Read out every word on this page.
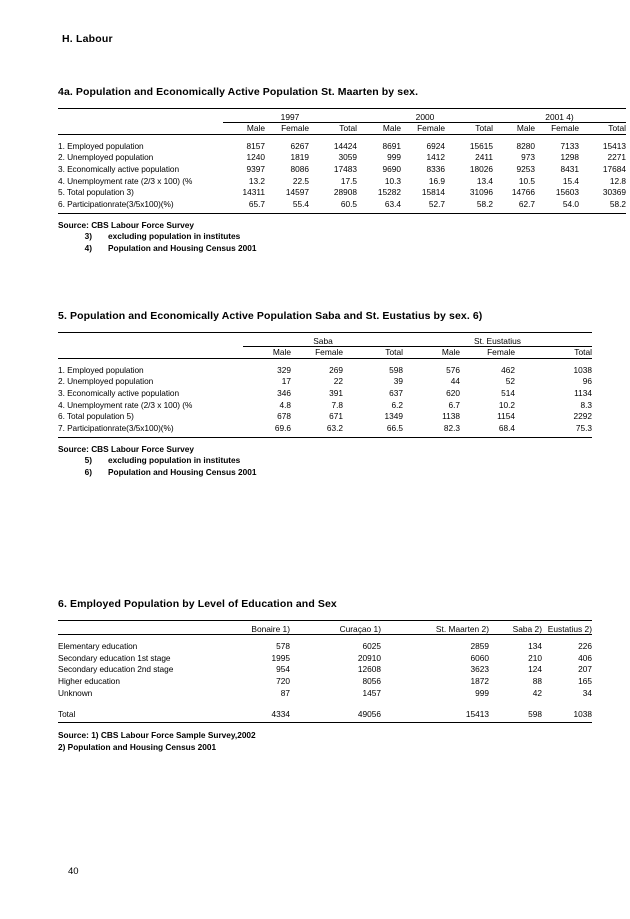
H. Labour
4a. Population and Economically Active Population St. Maarten by sex.

	1997			2000			2001 4)		
	Male	Female	Total	Male	Female	Total	Male	Female	Total

1. Employed population	8157	6267	14424	8691	6924	15615	8280	7133	15413
2. Unemployed population	1240	1819	3059	999	1412	2411	973	1298	2271
3. Economically active population	9397	8086	17483	9690	8336	18026	9253	8431	17684
4. Unemployment rate (2/3 x 100) (%	13.2	22.5	17.5	10.3	16.9	13.4	10.5	15.4	12.8
5. Total population 3)	14311	14597	28908	15282	15814	31096	14766	15603	30369
6. Participationrate(3/5x100)(%)	65.7	55.4	60.5	63.4	52.7	58.2	62.7	54.0	58.2

Source: CBS Labour Force Survey
3) excluding population in institutes
4) Population and Housing Census 2001
5. Population and Economically Active Population Saba and St. Eustatius by sex. 6)

	Saba			St. Eustatius		
	Male	Female	Total	Male	Female	Total

1. Employed population	329	269	598	576	462	1038
2. Unemployed population	17	22	39	44	52	96
3. Economically active population	346	391	637	620	514	1134
4. Unemployment rate (2/3 x 100) (%	4.8	7.8	6.2	6.7	10.2	8.3
6. Total population 5)	678	671	1349	1138	1154	2292
7. Participationrate(3/5x100)(%)	69.6	63.2	66.5	82.3	68.4	75.3

Source: CBS Labour Force Survey
5) excluding population in institutes
6) Population and Housing Census 2001
6. Employed Population by Level of Education and Sex

	Bonaire 1)	Curaçao 1)	St. Maarten 2)	Saba 2)	Eustatius 2)

Elementary education	578	6025	2859	134	226
Secondary education 1st stage	1995	20910	6060	210	406
Secondary education 2nd stage	954	12608	3623	124	207
Higher education	720	8056	1872	88	165
Unknown	87	1457	999	42	34

Total	4334	49056	15413	598	1038

Source: 1) CBS Labour Force Sample Survey,2002
2) Population and Housing Census 2001
40
